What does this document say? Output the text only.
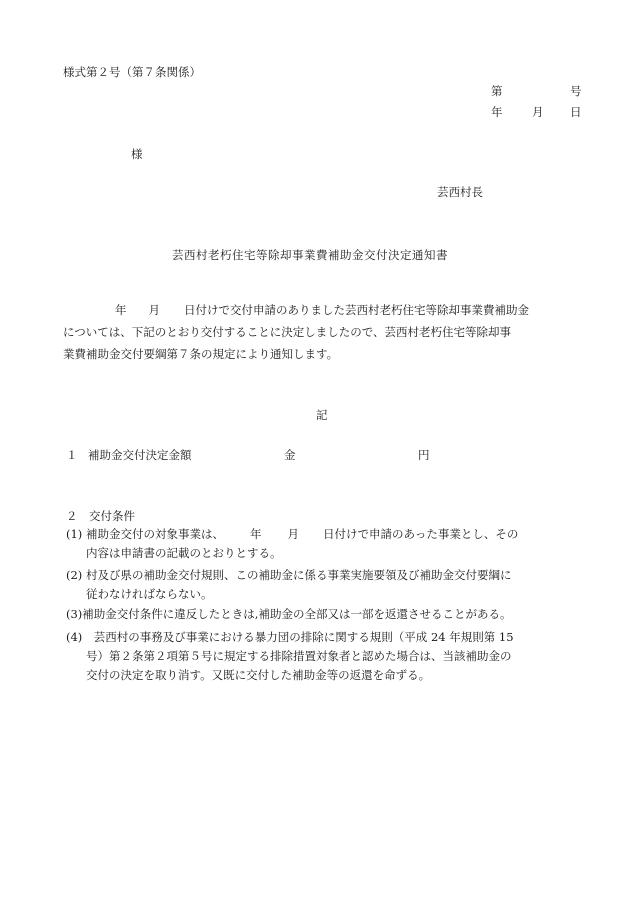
様式第２号（第７条関係）
第	号
年	月 日
様
芸西村長
芸西村老朽住宅等除却事業費補助金交付決定通知書
年 月 日付けで交付申請のありました芸西村老朽住宅等除却事業費補助金
については、下記のとおり交付することに決定しましたので、芸西村老朽住宅等除却事
業費補助金交付要綱第７条の規定により通知します。
記
１ 補助金交付決定金額	金	円
２　交付条件
(1) 補助金交付の対象事業は、 年 月 日付けで申請のあった事業とし、その
内容は申請書の記載のとおりとする。
(2) 村及び県の補助金交付規則、この補助金に係る事業実施要領及び補助金交付要綱に
従わなければならない。
(3)補助金交付条件に違反したときは,補助金の全部又は一部を返還させることがある。
(4)　芸西村の事務及び事業における暴力団の排除に関する規則（平成 24 年規則第 15
号）第２条第２項第５号に規定する排除措置対象者と認めた場合は、当該補助金の
交付の決定を取り消す。又既に交付した補助金等の返還を命ずる。
